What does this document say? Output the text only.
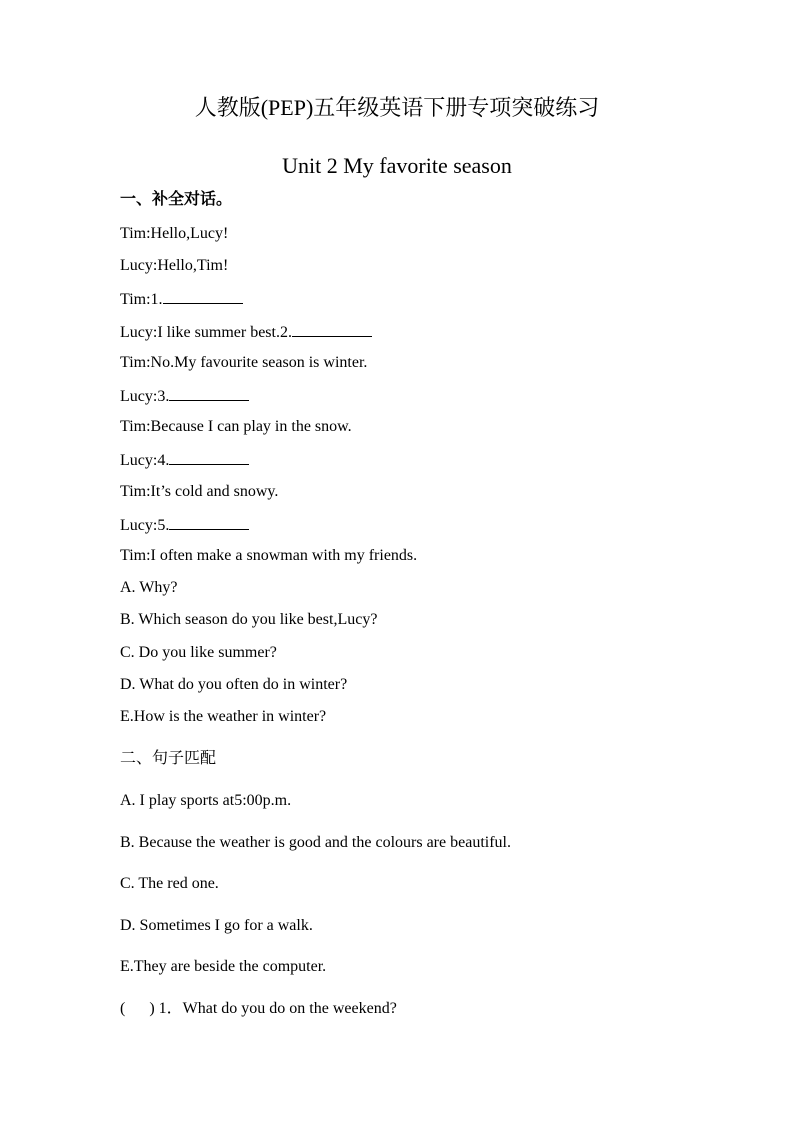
人教版(PEP)五年级英语下册专项突破练习
Unit 2 My favorite season
一、补全对话。
Tim:Hello,Lucy!
Lucy:Hello,Tim!
Tim:1.
Lucy:I like summer best.2.
Tim:No.My favourite season is winter.
Lucy:3.
Tim:Because I can play in the snow.
Lucy:4.
Tim:It’s cold and snowy.
Lucy:5.
Tim:I often make a snowman with my friends.
A. Why?
B. Which season do you like best,Lucy?
C. Do you like summer?
D. What do you often do in winter?
E.How is the weather in winter?
二、句子匹配
A. I play sports at5:00p.m.
B. Because the weather is good and the colours are beautiful.
C. The red one.
D. Sometimes I go for a walk.
E.They are beside the computer.
(      ) 1．What do you do on the weekend?
